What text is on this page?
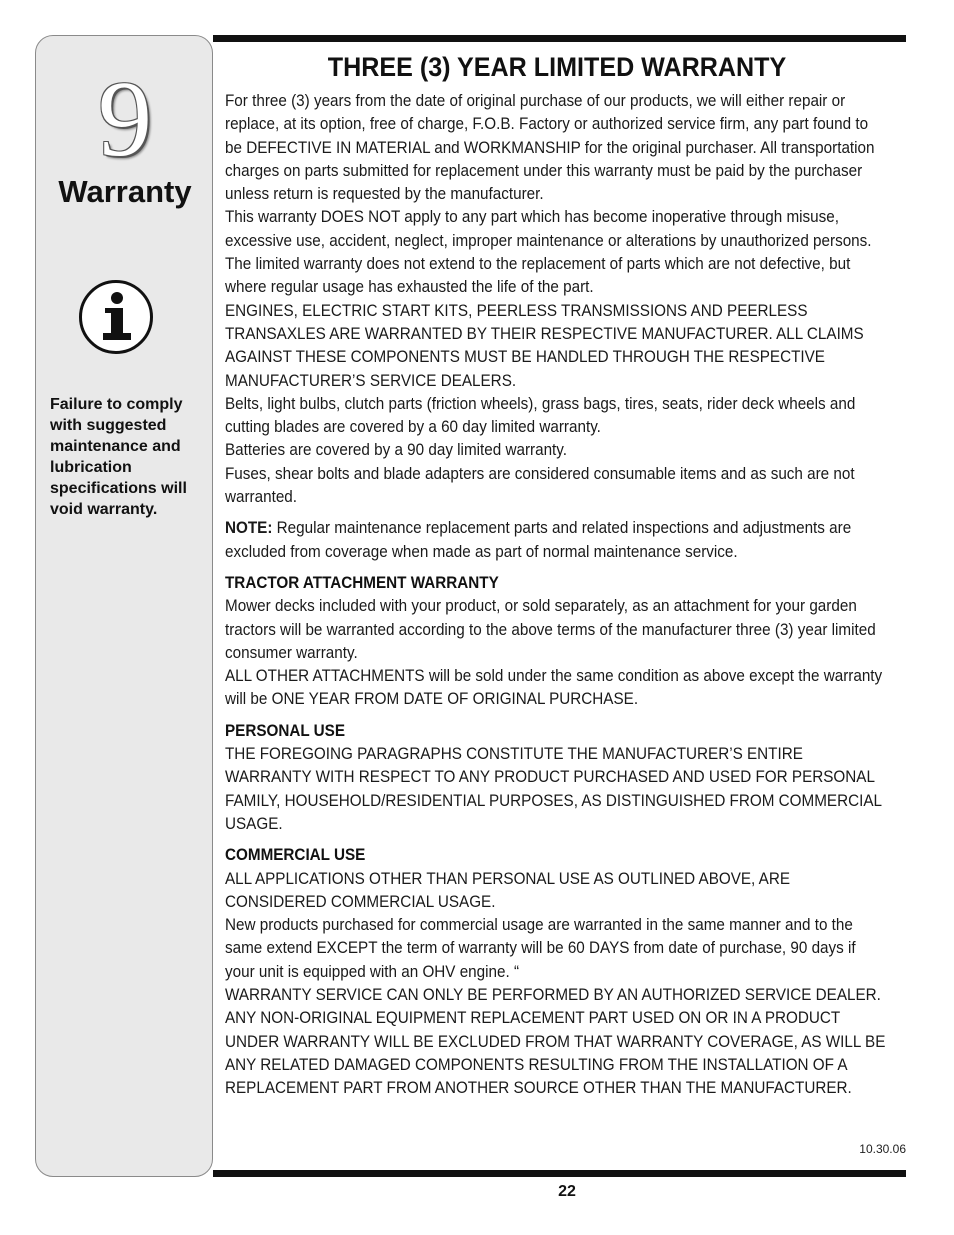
9
Warranty
Failure to comply with suggested maintenance and lubrication specifications will void warranty.
THREE (3) YEAR LIMITED WARRANTY

For three (3) years from the date of original purchase of our products, we will either repair or replace, at its option, free of charge, F.O.B. Factory or authorized service firm, any part found to be DEFECTIVE IN MATERIAL and WORKMANSHIP for the original purchaser. All transportation charges on parts submitted for replacement under this warranty must be paid by the purchaser unless return is requested by the manufacturer.

This warranty DOES NOT apply to any part which has become inoperative through misuse, excessive use, accident, neglect, improper maintenance or alterations by unauthorized persons.

The limited warranty does not extend to the replacement of parts which are not defective, but where regular usage has exhausted the life of the part.

ENGINES, ELECTRIC START KITS, PEERLESS TRANSMISSIONS AND PEERLESS TRANSAXLES ARE WARRANTED BY THEIR RESPECTIVE MANUFACTURER. ALL CLAIMS AGAINST THESE COMPONENTS MUST BE HANDLED THROUGH THE RESPECTIVE MANUFACTURER’S SERVICE DEALERS.

Belts, light bulbs, clutch parts (friction wheels), grass bags, tires, seats, rider deck wheels and cutting blades are covered by a 60 day limited warranty.

Batteries are covered by a 90 day limited warranty.

Fuses, shear bolts and blade adapters are considered consumable items and as such are not warranted.

NOTE: Regular maintenance replacement parts and related inspections and adjustments are excluded from coverage when made as part of normal maintenance service.

TRACTOR ATTACHMENT WARRANTY

Mower decks included with your product, or sold separately, as an attachment for your garden tractors will be warranted according to the above terms of the manufacturer three (3) year limited consumer warranty.

ALL OTHER ATTACHMENTS will be sold under the same condition as above except the warranty will be ONE YEAR FROM DATE OF ORIGINAL PURCHASE.

PERSONAL USE

THE FOREGOING PARAGRAPHS CONSTITUTE THE MANUFACTURER’S ENTIRE WARRANTY WITH RESPECT TO ANY PRODUCT PURCHASED AND USED FOR PERSONAL FAMILY, HOUSEHOLD/RESIDENTIAL PURPOSES, AS DISTINGUISHED FROM COMMERCIAL USAGE.

COMMERCIAL USE

ALL APPLICATIONS OTHER THAN PERSONAL USE AS OUTLINED ABOVE, ARE CONSIDERED COMMERCIAL USAGE.

New products purchased for commercial usage are warranted in the same manner and to the same extend EXCEPT the term of warranty will be 60 DAYS from date of purchase, 90 days if your unit is equipped with an OHV engine. “

WARRANTY SERVICE CAN ONLY BE PERFORMED BY AN AUTHORIZED SERVICE DEALER. ANY NON-ORIGINAL EQUIPMENT REPLACEMENT PART USED ON OR IN A PRODUCT UNDER WARRANTY WILL BE EXCLUDED FROM THAT WARRANTY COVERAGE, AS WILL BE ANY RELATED DAMAGED COMPONENTS RESULTING FROM THE INSTALLATION OF A REPLACEMENT PART FROM ANOTHER SOURCE OTHER THAN THE MANUFACTURER.

10.30.06
22
